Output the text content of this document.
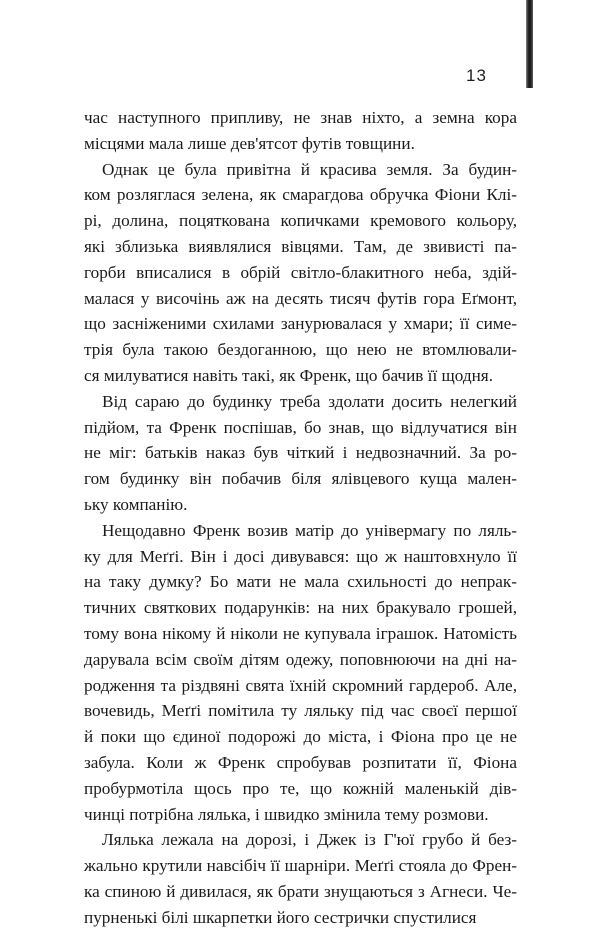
13
час наступного припливу, не знав ніхто, а земна кора
місцями мала лише дев'ятсот футів товщини.
Однак це була привітна й красива земля. За будин-
ком розляглася зелена, як смарагдова обручка Фіони Клі-
рі, долина, поцяткована копичками кремового кольору,
які зблизька виявлялися вівцями. Там, де звивисті па-
горби вписалися в обрій світло-блакитного неба, здій-
малася у височінь аж на десять тисяч футів гора Еґмонт,
що засніженими схилами занурювалася у хмари; її симе-
трія була такою бездоганною, що нею не втомлювали-
ся милуватися навіть такі, як Френк, що бачив її щодня.
Від сараю до будинку треба здолати досить нелегкий
підйом, та Френк поспішав, бо знав, що відлучатися він
не міг: батьків наказ був чіткий і недвозначний. За ро-
гом будинку він побачив біля ялівцевого куща мален-
ьку компанію.
Нещодавно Френк возив матір до універмагу по ляль-
ку для Меґґі. Він і досі дивувався: що ж наштовхнуло її
на таку думку? Бо мати не мала схильності до непрак-
тичних святкових подарунків: на них бракувало грошей,
тому вона нікому й ніколи не купувала іграшок. Натомість
дарувала всім своїм дітям одежу, поповнюючи на дні на-
родження та різдвяні свята їхній скромний гардероб. Але,
вочевидь, Меґґі помітила ту ляльку під час своєї першої
й поки що єдиної подорожі до міста, і Фіона про це не
забула. Коли ж Френк спробував розпитати її, Фіона
пробурмотіла щось про те, що кожній маленькій дів-
чинці потрібна лялька, і швидко змінила тему розмови.
Лялька лежала на дорозі, і Джек із Г'юї грубо й без-
жально крутили навсібіч її шарніри. Меґґі стояла до Френ-
ка спиною й дивилася, як брати знущаються з Агнеси. Че-
пурненькі білі шкарпетки його сестрички спустилися
